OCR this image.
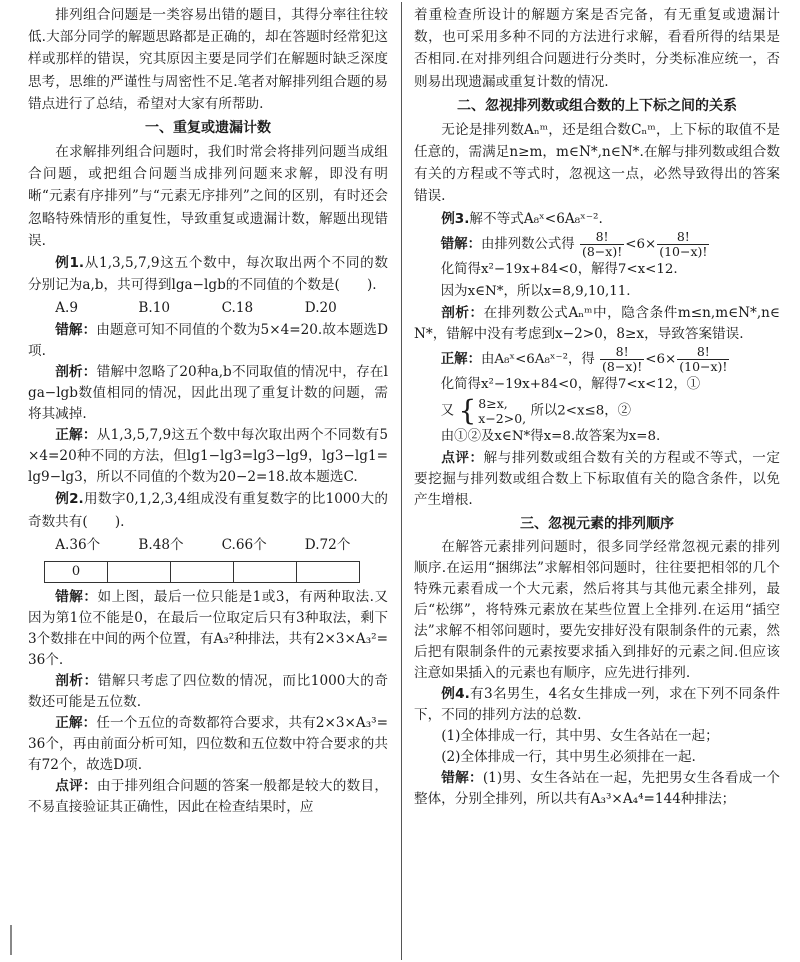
排列组合问题是一类容易出错的题目，其得分率往往较低.大部分同学的解题思路都是正确的，却在答题时经常犯这样或那样的错误，究其原因主要是同学们在解题时缺乏深度思考，思维的严谨性与周密性不足.笔者对解排列组合题的易错点进行了总结，希望对大家有所帮助.

一、重复或遗漏计数

在求解排列组合问题时，我们时常会将排列问题当成组合问题，或把组合问题当成排列问题来求解，即没有明晰“元素有序排列”与“元素无序排列”之间的区别，有时还会忽略特殊情形的重复性，导致重复或遗漏计数，解题出现错误.

例1.从1,3,5,7,9这五个数中，每次取出两个不同的数分别记为a,b，共可得到lga−lgb的不同值的个数是(　　).

A.9	B.10	C.18	D.20

错解：由题意可知不同值的个数为5×4=20.故本题选D项.

剖析：错解中忽略了20种a,b不同取值的情况中，存在lga−lgb数值相同的情况，因此出现了重复计数的问题，需将其减掉.

正解：从1,3,5,7,9这五个数中每次取出两个不同数有5×4=20种不同的方法，但lg1−lg3=lg3−lg9，lg3−lg1=lg9−lg3，所以不同值的个数为20−2=18.故本题选C.

例2.用数字0,1,2,3,4组成没有重复数字的比1000大的奇数共有(　　).

A.36个	B.48个	C.66个	D.72个
0				

错解：如上图，最后一位只能是1或3，有两种取法.又因为第1位不能是0，在最后一位取定后只有3种取法，剩下3个数排在中间的两个位置，有A₃²种排法，共有2×3×A₃²=36个.

剖析：错解只考虑了四位数的情况，而比1000大的奇数还可能是五位数.

正解：任一个五位的奇数都符合要求，共有2×3×A₃³=36个，再由前面分析可知，四位数和五位数中符合要求的共有72个，故选D项.

点评：由于排列组合问题的答案一般都是较大的数目，不易直接验证其正确性，因此在检查结果时，应

着重检查所设计的解题方案是否完备，有无重复或遗漏计数，也可采用多种不同的方法进行求解，看看所得的结果是否相同.在对排列组合问题进行分类时，分类标准应统一，否则易出现遗漏或重复计数的情况.

二、忽视排列数或组合数的上下标之间的关系

无论是排列数Aₙᵐ，还是组合数Cₙᵐ，上下标的取值不是任意的，需满足n≥m，m∈N*,n∈N*.在解与排列数或组合数有关的方程或不等式时，忽视这一点，必然导致得出的答案错误.

例3.解不等式A₈ˣ<6A₈ˣ⁻².

错解：由排列数公式得 $\frac{8!}{(8-x)!} <6\times \frac{8!}{(10-x)!}$

化简得x²−19x+84<0，解得7<x<12.

因为x∈N*，所以x=8,9,10,11.

剖析：在排列数公式Aₙᵐ中，隐含条件m≤n,m∈N*,n∈N*，错解中没有考虑到x−2>0，8≥x，导致答案错误.

正解：由A₈ˣ<6A₈ˣ⁻²，得 $\frac{8!}{(8-x)!} <6\times \frac{8!}{(10-x)!}$

化简得x²−19x+84<0，解得7<x<12，①

又 { 8≥x,
x−2>0, 所以2<x≤8，②

由①②及x∈N*得x=8.故答案为x=8.

点评：解与排列数或组合数有关的方程或不等式，一定要挖掘与排列数或组合数上下标取值有关的隐含条件，以免产生增根.

三、忽视元素的排列顺序

在解答元素排列问题时，很多同学经常忽视元素的排列顺序.在运用“捆绑法”求解相邻问题时，往往要把相邻的几个特殊元素看成一个大元素，然后将其与其他元素全排列，最后“松绑”，将特殊元素放在某些位置上全排列.在运用“插空法”求解不相邻问题时，要先安排好没有限制条件的元素，然后把有限制条件的元素按要求插入到排好的元素之间.但应该注意如果插入的元素也有顺序，应先进行排列.

例4.有3名男生，4名女生排成一列，求在下列不同条件下，不同的排列方法的总数.

(1)全体排成一行，其中男、女生各站在一起；

(2)全体排成一行，其中男生必须排在一起.

错解：(1)男、女生各站在一起，先把男女生各看成一个整体，分别全排列，所以共有A₃³×A₄⁴=144种排法；
